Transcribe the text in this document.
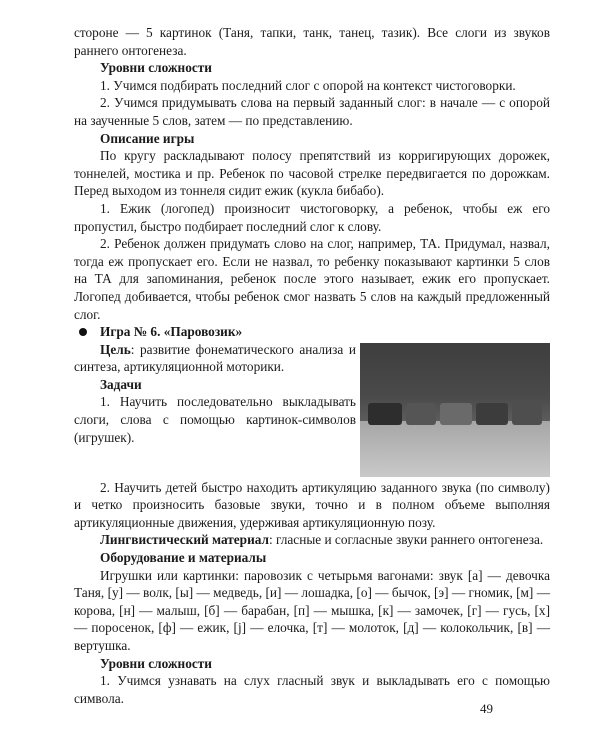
стороне — 5 картинок (Таня, тапки, танк, танец, тазик). Все слоги из звуков раннего онтогенеза.

Уровни сложности

1. Учимся подбирать последний слог с опорой на контекст чистоговорки.

2. Учимся придумывать слова на первый заданный слог: в начале — с опорой на заученные 5 слов, затем — по представлению.

Описание игры

По кругу раскладывают полосу препятствий из корригирующих дорожек, тоннелей, мостика и пр. Ребенок по часовой стрелке передвигается по дорожкам. Перед выходом из тоннеля сидит ежик (кукла бибабо).

1. Ежик (логопед) произносит чистоговорку, а ребенок, чтобы еж его пропустил, быстро подбирает последний слог к слову.

2. Ребенок должен придумать слово на слог, например, ТА. Придумал, назвал, тогда еж пропускает его. Если не назвал, то ребенку показывают картинки 5 слов на ТА для запоминания, ребенок после этого называет, ежик его пропускает. Логопед добивается, чтобы ребенок смог назвать 5 слов на каждый предложенный слог.

Игра № 6. «Паровозик»

Цель: развитие фонематического анализа и синтеза, артикуляционной моторики.

Задачи

1. Научить последовательно выкладывать слоги, слова с помощью картинок-символов (игрушек).

2. Научить детей быстро находить артикуляцию заданного звука (по символу) и четко произносить базовые звуки, точно и в полном объеме выполняя артикуляционные движения, удерживая артикуляционную позу.

Лингвистический материал: гласные и согласные звуки раннего онтогенеза.

Оборудование и материалы

Игрушки или картинки: паровозик с четырьмя вагонами: звук [а] — девочка Таня, [у] — волк, [ы] — медведь, [и] — лошадка, [о] — бычок, [э] — гномик, [м] — корова, [н] — малыш, [б] — барабан, [п] — мышка, [к] — замочек, [г] — гусь, [х] — поросенок, [ф] — ежик, [j] — елочка, [т] — молоток, [д] — колокольчик, [в] — вертушка.

Уровни сложности

1. Учимся узнавать на слух гласный звук и выкладывать его с помощью символа.

49
